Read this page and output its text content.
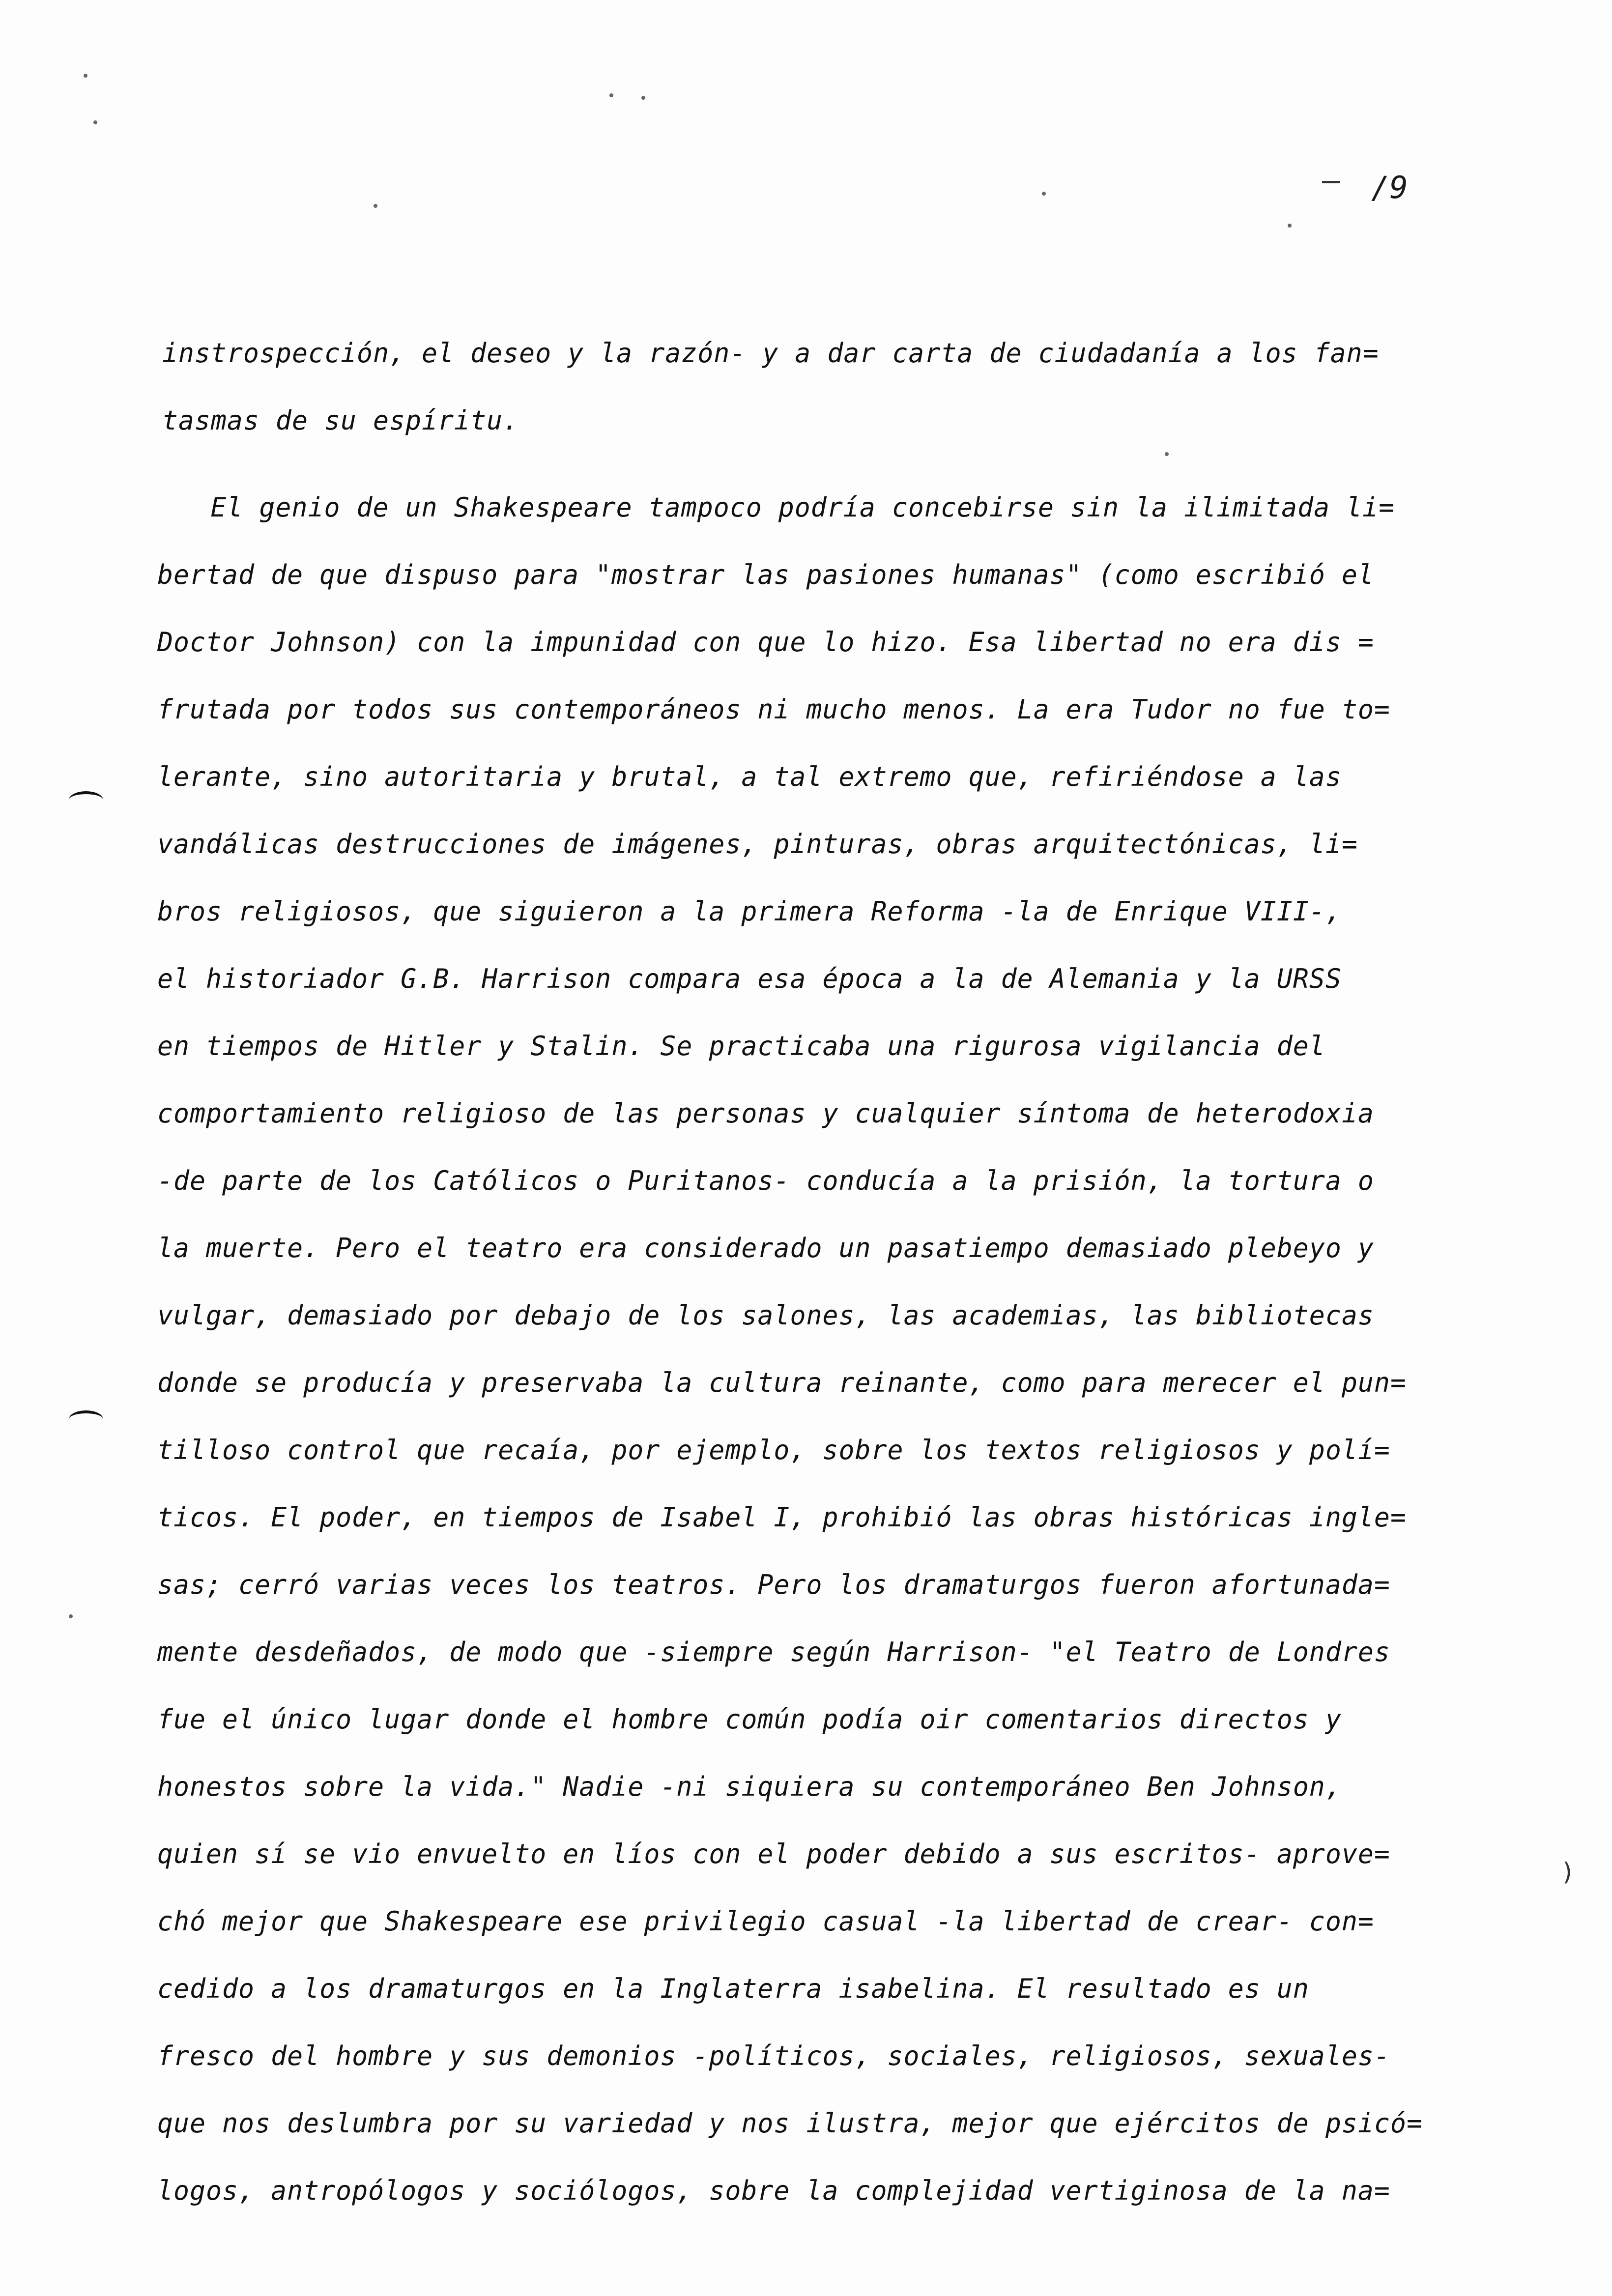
/9
)
instrospección, el deseo y la razón- y a dar carta de ciudadanía a los fan=
tasmas de su espíritu.
El genio de un Shakespeare tampoco podría concebirse sin la ilimitada li=
bertad de que dispuso para "mostrar las pasiones humanas" (como escribió el
Doctor Johnson) con la impunidad con que lo hizo. Esa libertad no era dis =
frutada por todos sus contemporáneos ni mucho menos. La era Tudor no fue to=
lerante, sino autoritaria y brutal, a tal extremo que, refiriéndose a las
vandálicas destrucciones de imágenes, pinturas, obras arquitectónicas, li=
bros religiosos, que siguieron a la primera Reforma -la de Enrique VIII-,
el historiador G.B. Harrison compara esa época a la de Alemania y la URSS
en tiempos de Hitler y Stalin. Se practicaba una rigurosa vigilancia del
comportamiento religioso de las personas y cualquier síntoma de heterodoxia
-de parte de los Católicos o Puritanos- conducía a la prisión, la tortura o
la muerte. Pero el teatro era considerado un pasatiempo demasiado plebeyo y
vulgar, demasiado por debajo de los salones, las academias, las bibliotecas
donde se producía y preservaba la cultura reinante, como para merecer el pun=
tilloso control que recaía, por ejemplo, sobre los textos religiosos y polí=
ticos. El poder, en tiempos de Isabel I, prohibió las obras históricas ingle=
sas; cerró varias veces los teatros. Pero los dramaturgos fueron afortunada=
mente desdeñados, de modo que -siempre según Harrison- "el Teatro de Londres
fue el único lugar donde el hombre común podía oir comentarios directos y
honestos sobre la vida." Nadie -ni siquiera su contemporáneo Ben Johnson,
quien sí se vio envuelto en líos con el poder debido a sus escritos- aprove=
chó mejor que Shakespeare ese privilegio casual -la libertad de crear- con=
cedido a los dramaturgos en la Inglaterra isabelina. El resultado es un
fresco del hombre y sus demonios -políticos, sociales, religiosos, sexuales-
que nos deslumbra por su variedad y nos ilustra, mejor que ejércitos de psicó=
logos, antropólogos y sociólogos, sobre la complejidad vertiginosa de la na=
